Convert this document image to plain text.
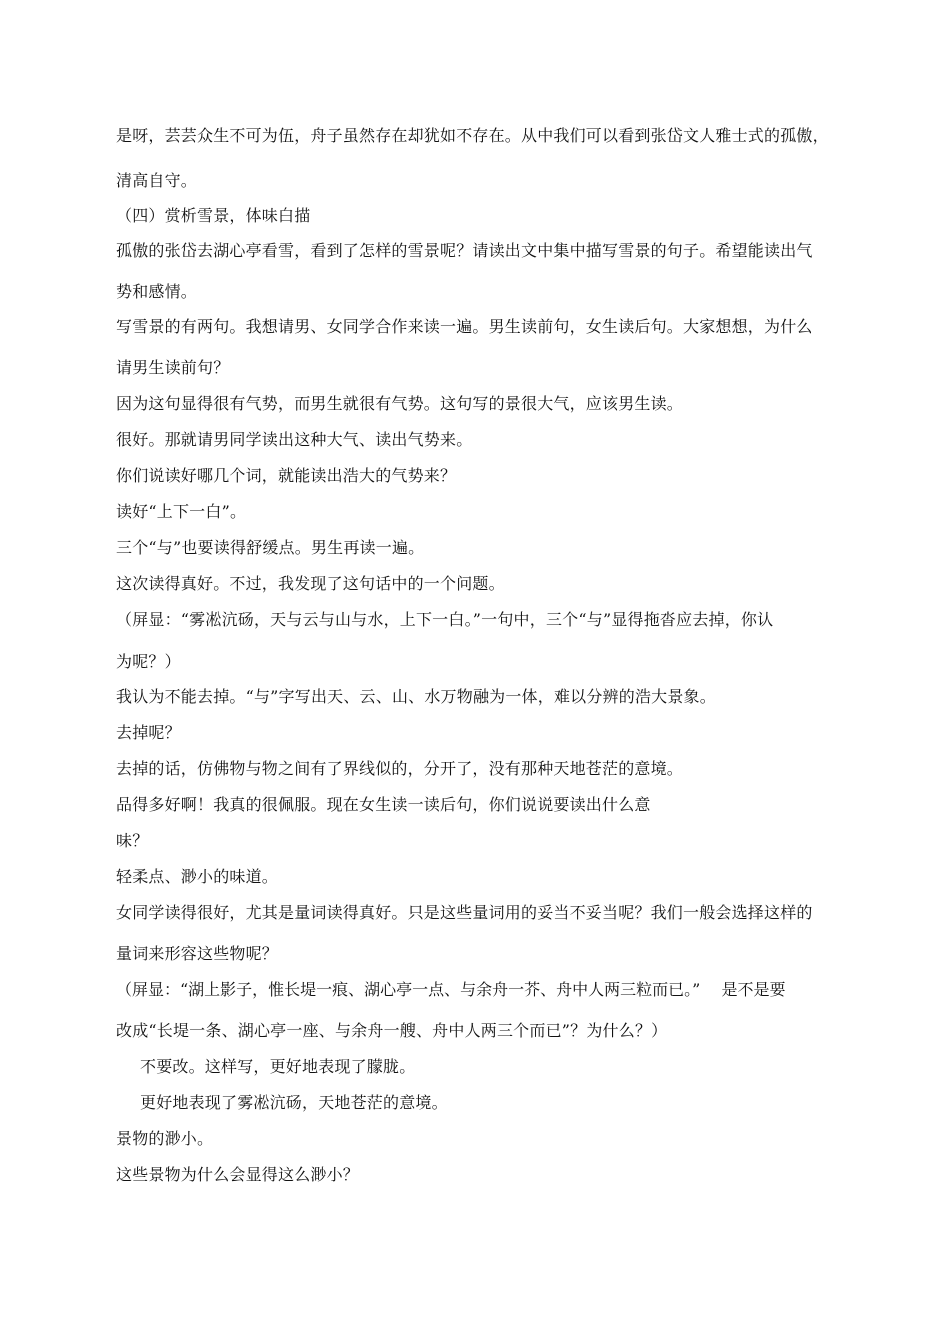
是呀，芸芸众生不可为伍，舟子虽然存在却犹如不存在。从中我们可以看到张岱文人雅士式的孤傲，
清高自守。
（四）赏析雪景，体味白描
孤傲的张岱去湖心亭看雪，看到了怎样的雪景呢？请读出文中集中描写雪景的句子。希望能读出气
势和感情。
写雪景的有两句。我想请男、女同学合作来读一遍。男生读前句，女生读后句。大家想想，为什么
请男生读前句？
因为这句显得很有气势，而男生就很有气势。这句写的景很大气，应该男生读。
很好。那就请男同学读出这种大气、读出气势来。
你们说读好哪几个词，就能读出浩大的气势来？
读好“上下一白”。
三个“与”也要读得舒缓点。男生再读一遍。
这次读得真好。不过，我发现了这句话中的一个问题。
（屏显：“雾凇沆砀，天与云与山与水，上下一白。”一句中，三个“与”显得拖沓应去掉，你认
为呢？）
我认为不能去掉。“与”字写出天、云、山、水万物融为一体，难以分辨的浩大景象。
去掉呢？
去掉的话，仿佛物与物之间有了界线似的，分开了，没有那种天地苍茫的意境。
品得多好啊！我真的很佩服。现在女生读一读后句，你们说说要读出什么意
味？
轻柔点、渺小的味道。
女同学读得很好，尤其是量词读得真好。只是这些量词用的妥当不妥当呢？我们一般会选择这样的
量词来形容这些物呢？
（屏显：“湖上影子，惟长堤一痕、湖心亭一点、与余舟一芥、舟中人两三粒而已。”　 是不是要
改成“长堤一条、湖心亭一座、与余舟一艘、舟中人两三个而已”？为什么？）
不要改。这样写，更好地表现了朦胧。
更好地表现了雾凇沆砀，天地苍茫的意境。
景物的渺小。
这些景物为什么会显得这么渺小？
